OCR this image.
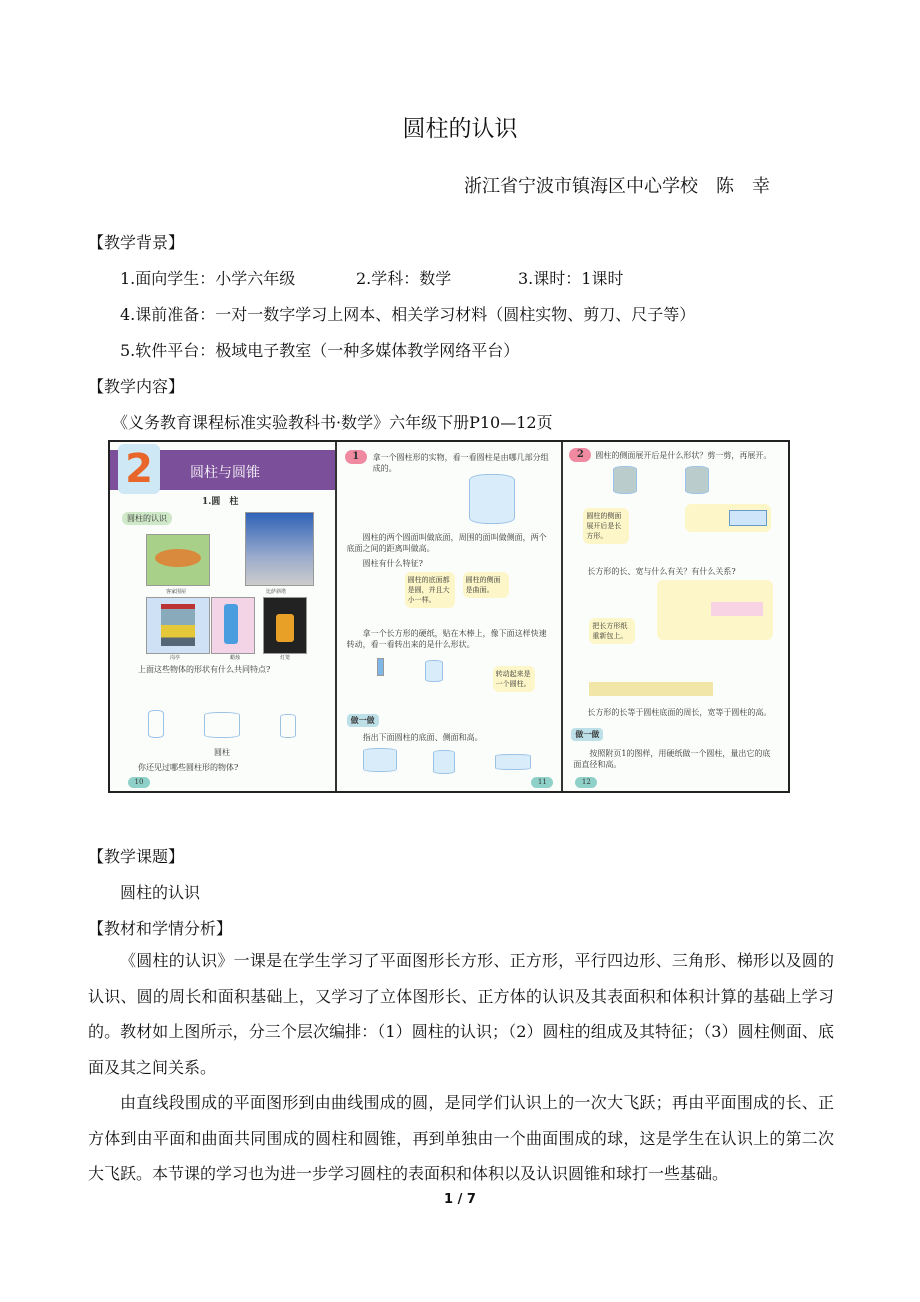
圆柱的认识
浙江省宁波市镇海区中心学校　陈　幸
【教学背景】
1.面向学生：小学六年级	2.学科：数学	3.课时：1课时
4.课前准备：一对一数字学习上网本、相关学习材料（圆柱实物、剪刀、尺子等）
5.软件平台：极域电子教室（一种多媒体教学网络平台）
【教学内容】
《义务教育课程标准实验教科书·数学》六年级下册P10—12页
2	圆柱与圆锥
1.圆　柱
圆柱的认识
客家围屋	比萨斜塔
岗亭	蜡烛	灯笼
上面这些物体的形状有什么共同特点?
圆柱
你还见过哪些圆柱形的物体?
10
1	拿一个圆柱形的实物，看一看圆柱是由哪几部分组成的。
圆柱的两个圆面叫做底面，周围的面叫做侧面，两个底面之间的距离叫做高。
圆柱有什么特征?
圆柱的底面都是圆，并且大小一样。
圆柱的侧面是曲面。
拿一个长方形的硬纸，贴在木棒上，像下面这样快速转动，看一看转出来的是什么形状。
转动起来是一个圆柱。
做一做
指出下面圆柱的底面、侧面和高。
11
2	圆柱的侧面展开后是什么形状？剪一剪，再展开。
圆柱的侧面展开后是长方形。
长方形的长、宽与什么有关？有什么关系?
把长方形纸重新包上。
长方形的长等于圆柱底面的周长，宽等于圆柱的高。
做一做
按照附页1的图样，用硬纸做一个圆柱，量出它的底面直径和高。
12
【教学课题】
圆柱的认识
【教材和学情分析】

《圆柱的认识》一课是在学生学习了平面图形长方形、正方形，平行四边形、三角形、梯形以及圆的认识、圆的周长和面积基础上，又学习了立体图形长、正方体的认识及其表面积和体积计算的基础上学习的。教材如上图所示，分三个层次编排：（1）圆柱的认识；（2）圆柱的组成及其特征；（3）圆柱侧面、底面及其之间关系。

由直线段围成的平面图形到由曲线围成的圆，是同学们认识上的一次大飞跃；再由平面围成的长、正方体到由平面和曲面共同围成的圆柱和圆锥，再到单独由一个曲面围成的球，这是学生在认识上的第二次大飞跃。本节课的学习也为进一步学习圆柱的表面积和体积以及认识圆锥和球打一些基础。

1 / 7
